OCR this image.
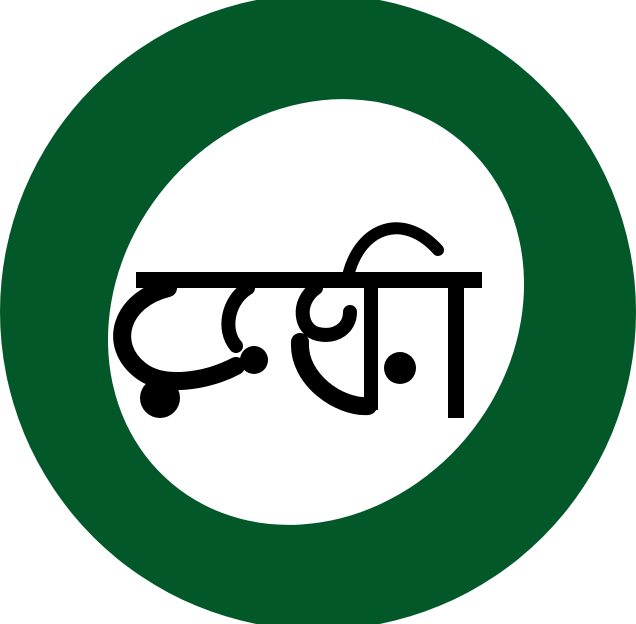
ডেমি
